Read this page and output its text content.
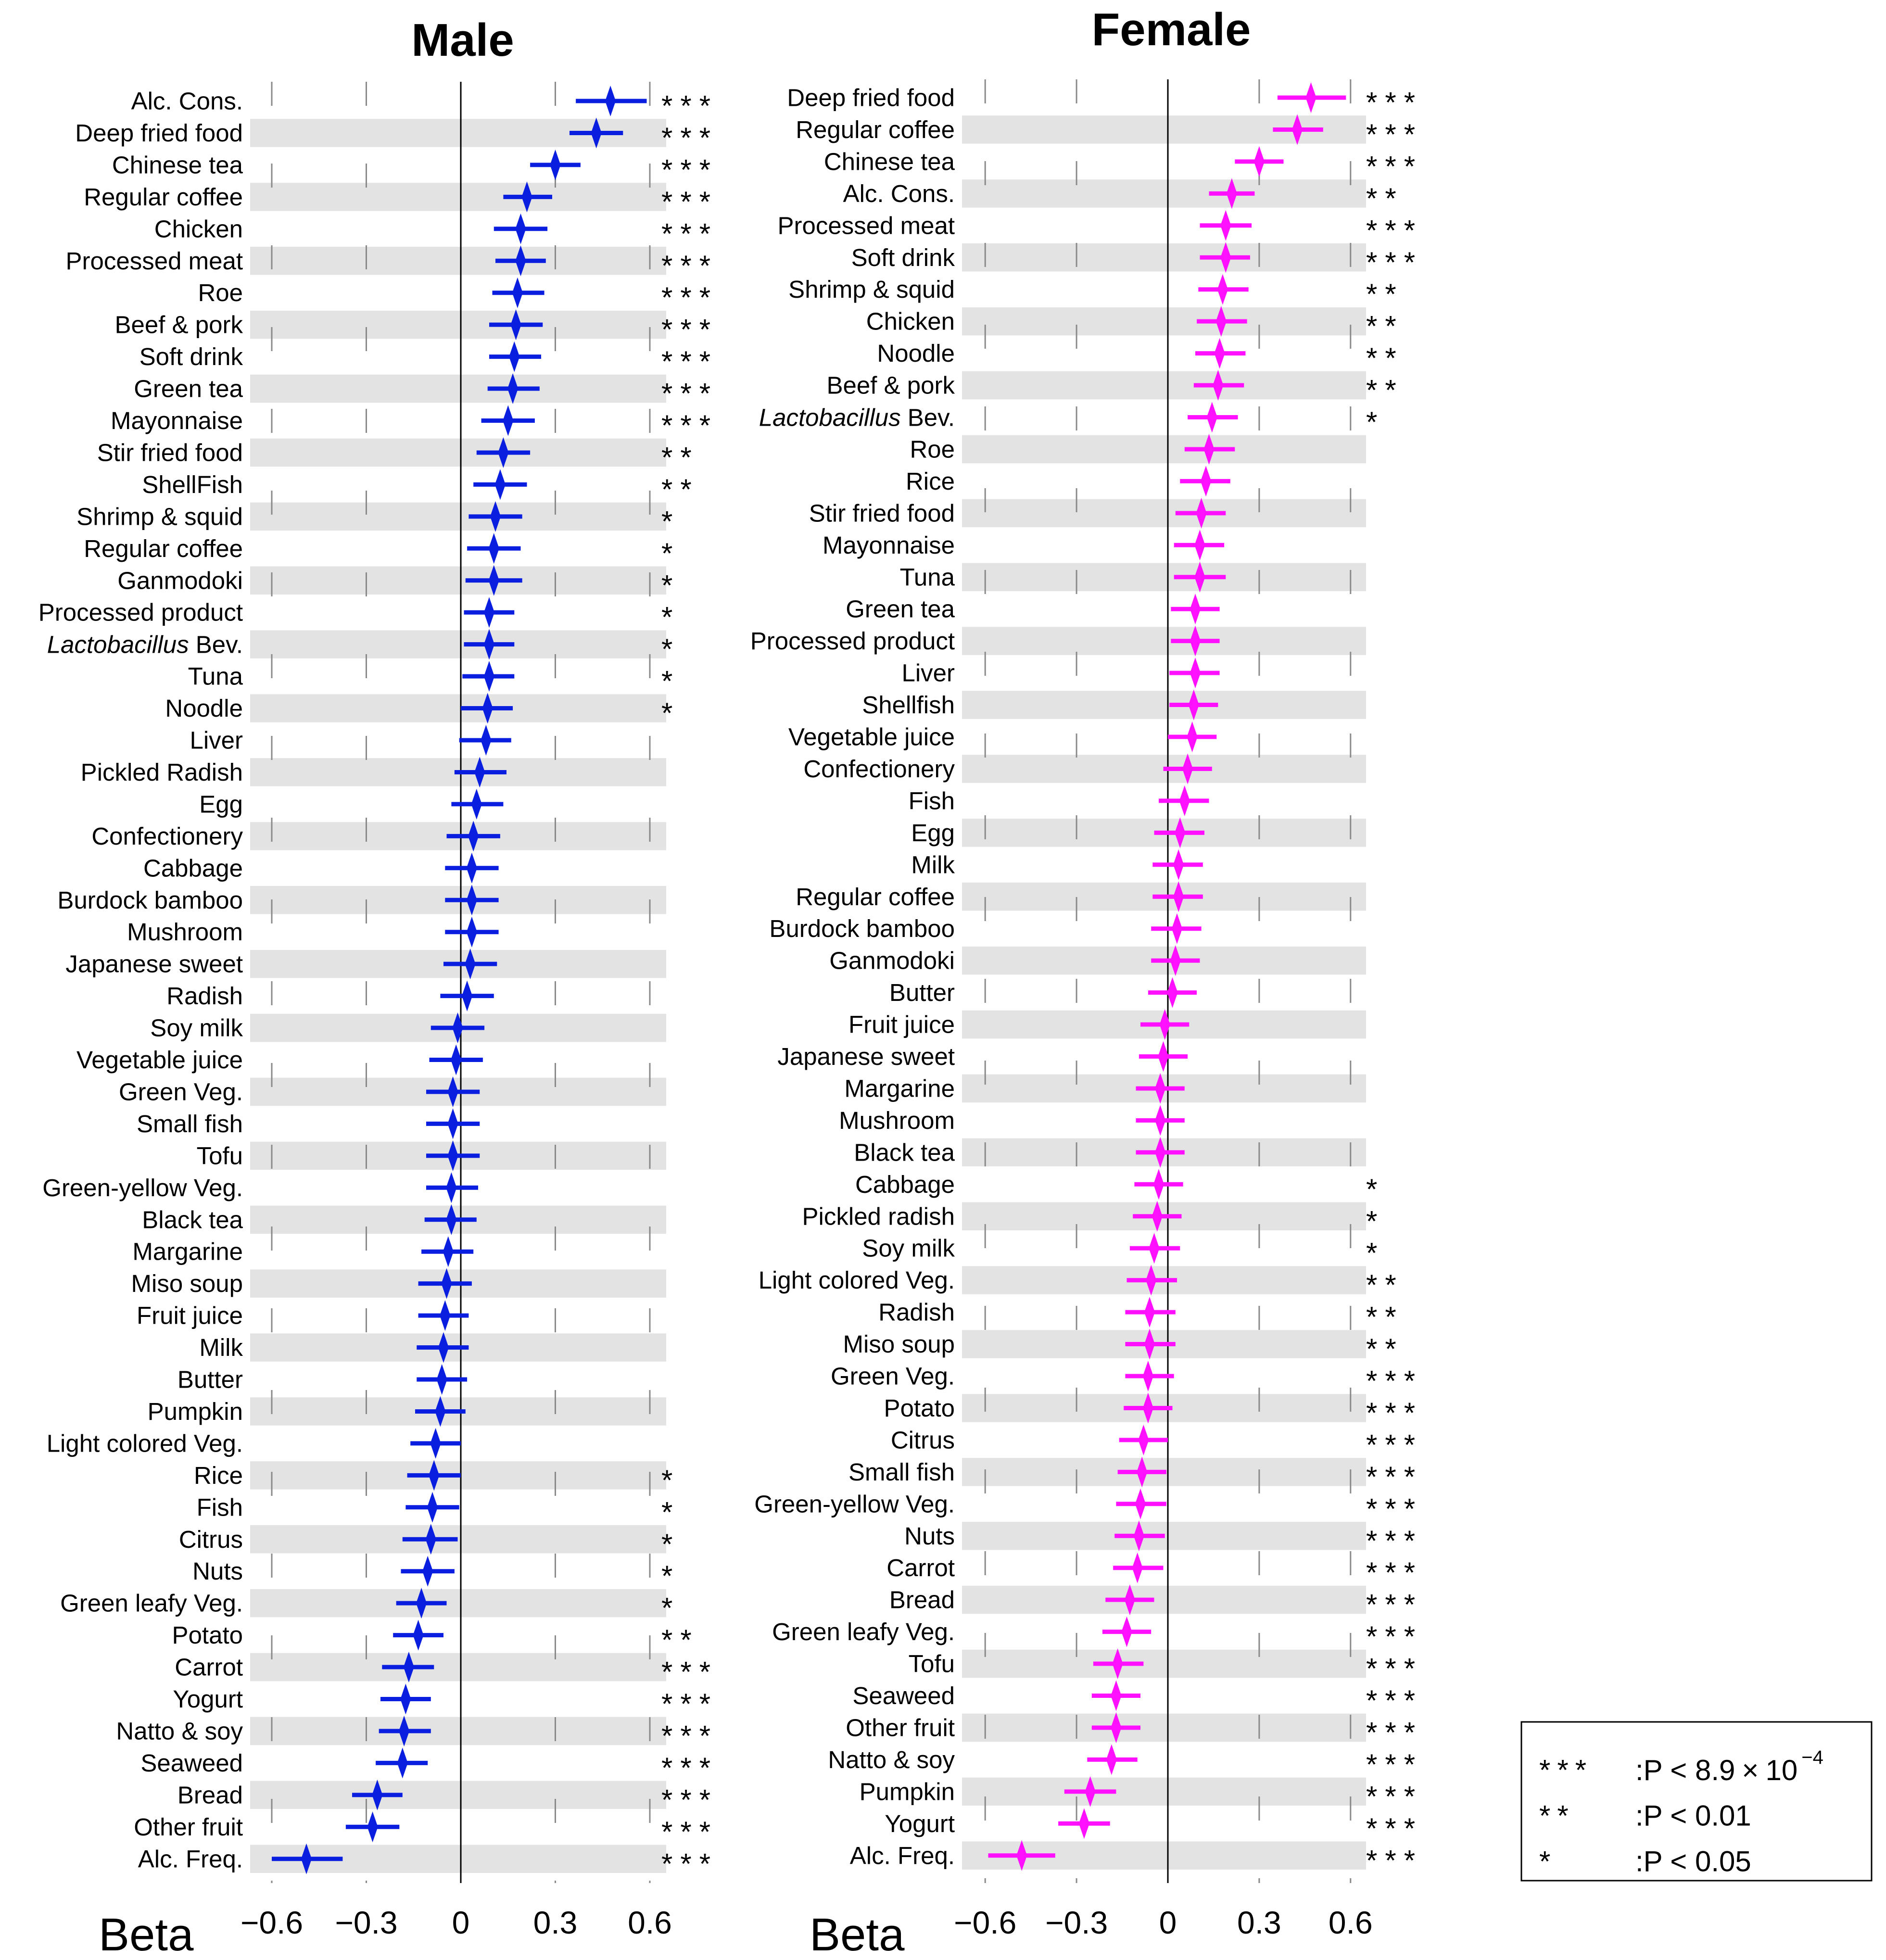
Male	Female
Alc. Cons.	***
Deep fried food	***
Chinese tea	***
Regular coffee	***
Chicken	***
Processed meat	***
Roe	***
Beef & pork	***
Soft drink	***
Green tea	***
Mayonnaise	***
Stir fried food	**
ShellFish	**
Shrimp & squid	*
Regular coffee	*
Ganmodoki	*
Processed product	*
Lactobacillus Bev.	*
Tuna	*
Noodle	*
Liver
Pickled Radish
Egg
Confectionery
Cabbage
Burdock bamboo
Mushroom
Japanese sweet
Radish
Soy milk
Vegetable juice
Green Veg.
Small fish
Tofu
Green-yellow Veg.
Black tea
Margarine
Miso soup
Fruit juice
Milk
Butter
Pumpkin
Light colored Veg.
Rice	*
Fish	*
Citrus	*
Nuts	*
Green leafy Veg.	*
Potato	**
Carrot	***
Yogurt	***
Natto & soy	***
Seaweed	***
Bread	***
Other fruit	***
Alc. Freq.	***
−0.6 −0.3 0 0.3 0.6
Beta
Deep fried food	***
Regular coffee	***
Chinese tea	***
Alc. Cons.	**
Processed meat	***
Soft drink	***
Shrimp & squid	**
Chicken	**
Noodle	**
Beef & pork	**
Lactobacillus Bev.	*
Roe
Rice
Stir fried food
Mayonnaise
Tuna
Green tea
Processed product
Liver
Shellfish
Vegetable juice
Confectionery
Fish
Egg
Milk
Regular coffee
Burdock bamboo
Ganmodoki
Butter
Fruit juice
Japanese sweet
Margarine
Mushroom
Black tea
Cabbage	*
Pickled radish	*
Soy milk	*
Light colored Veg.	**
Radish	**
Miso soup	**
Green Veg.	***
Potato	***
Citrus	***
Small fish	***
Green-yellow Veg.	***
Nuts	***
Carrot	***
Bread	***
Green leafy Veg.	***
Tofu	***
Seaweed	***
Other fruit	***
Natto & soy	***
Pumpkin	***
Yogurt	***
Alc. Freq.	***
−0.6 −0.3 0 0.3 0.6
Beta
*** :P < 8.9 × 10 $^{-4}$
** :P < 0.01
*	:P < 0.05
